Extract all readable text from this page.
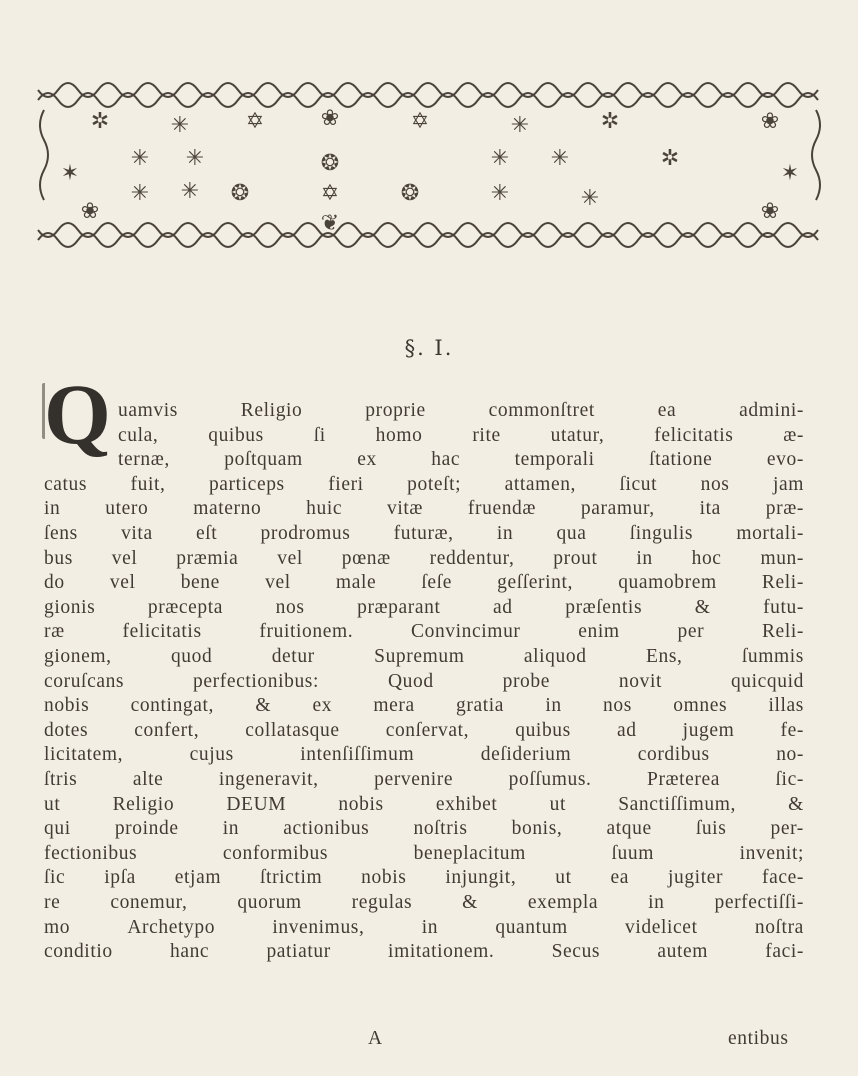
✲	✳	✡	❀	✡	✳	✲
✳ ✳	❂	✳ ✳
✳ ✳ ❂	✡	❂	✳	✳
❦
✶	✶
❀
❀	❀
✲
§. I.
Q uamvis	Religio	proprie	commonſtret	ea	admini-
cula,	quibus	ſi	homo	rite	utatur,	felicitatis	æ-
ternæ,	poſtquam	ex	hac	temporali	ſtatione	evo-
catus fuit, particeps fieri poteſt; attamen, ſicut nos jam
in utero materno huic vitæ fruendæ paramur, ita præ-
ſens vita eſt prodromus futuræ, in qua ſingulis mortali-
bus vel præmia vel pœnæ reddentur, prout in hoc mun-
do vel bene vel male ſeſe geſſerint, quamobrem Reli-
gionis	præcepta	nos	præparant	ad	præſentis	&	futu-
ræ	felicitatis	fruitionem.	Convincimur	enim	per	Reli-
gionem,	quod	detur	Supremum	aliquod	Ens,	ſummis
coruſcans	perfectionibus:	Quod	probe	novit	quicquid
nobis contingat, & ex mera gratia in nos omnes illas
dotes confert, collatasque conſervat, quibus ad jugem fe-
licitatem,	cujus	intenſiſſimum	deſiderium	cordibus	no-
ſtris	alte	ingeneravit,	pervenire	poſſumus.	Præterea	ſic-
ut	Religio	DEUM	nobis	exhibet	ut	Sanctiſſimum,	&
qui proinde in actionibus noſtris bonis, atque ſuis per-
fectionibus	conformibus	beneplacitum	ſuum	invenit;
ſic ipſa etjam ſtrictim nobis injungit, ut ea jugiter face-
re	conemur,	quorum	regulas	&	exempla	in	perfectiſſi-
mo	Archetypo	invenimus,	in	quantum	videlicet	noſtra
conditio	hanc	patiatur	imitationem.	Secus	autem	faci-
A	entibus
